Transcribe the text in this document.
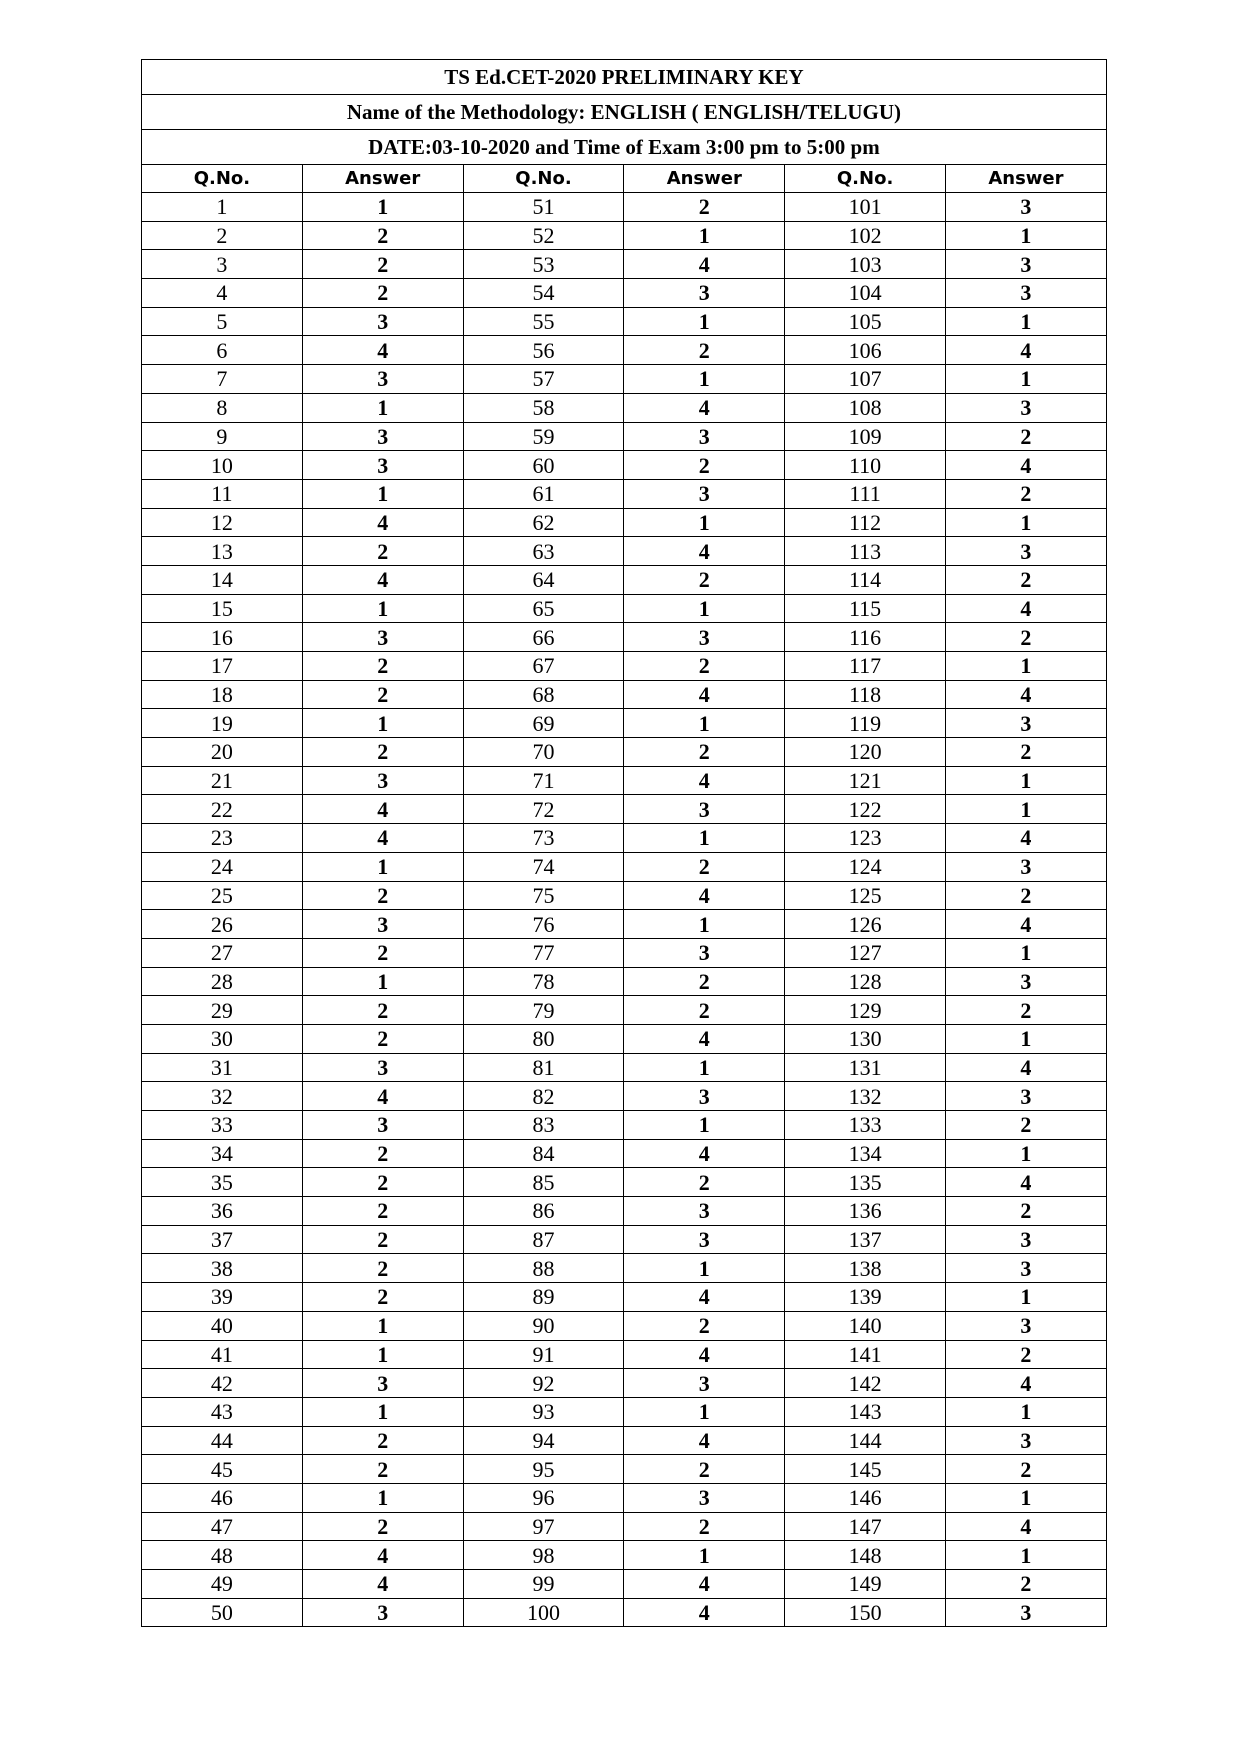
TS Ed.CET-2020 PRELIMINARY KEY					
Name of the Methodology: ENGLISH ( ENGLISH/TELUGU)					
DATE:03-10-2020 and Time of Exam 3:00 pm to 5:00 pm					
Q.No.	Answer	Q.No.	Answer	Q.No.	Answer
1	1	51	2	101	3
2	2	52	1	102	1
3	2	53	4	103	3
4	2	54	3	104	3
5	3	55	1	105	1
6	4	56	2	106	4
7	3	57	1	107	1
8	1	58	4	108	3
9	3	59	3	109	2
10	3	60	2	110	4
11	1	61	3	111	2
12	4	62	1	112	1
13	2	63	4	113	3
14	4	64	2	114	2
15	1	65	1	115	4
16	3	66	3	116	2
17	2	67	2	117	1
18	2	68	4	118	4
19	1	69	1	119	3
20	2	70	2	120	2
21	3	71	4	121	1
22	4	72	3	122	1
23	4	73	1	123	4
24	1	74	2	124	3
25	2	75	4	125	2
26	3	76	1	126	4
27	2	77	3	127	1
28	1	78	2	128	3
29	2	79	2	129	2
30	2	80	4	130	1
31	3	81	1	131	4
32	4	82	3	132	3
33	3	83	1	133	2
34	2	84	4	134	1
35	2	85	2	135	4
36	2	86	3	136	2
37	2	87	3	137	3
38	2	88	1	138	3
39	2	89	4	139	1
40	1	90	2	140	3
41	1	91	4	141	2
42	3	92	3	142	4
43	1	93	1	143	1
44	2	94	4	144	3
45	2	95	2	145	2
46	1	96	3	146	1
47	2	97	2	147	4
48	4	98	1	148	1
49	4	99	4	149	2
50	3	100	4	150	3
